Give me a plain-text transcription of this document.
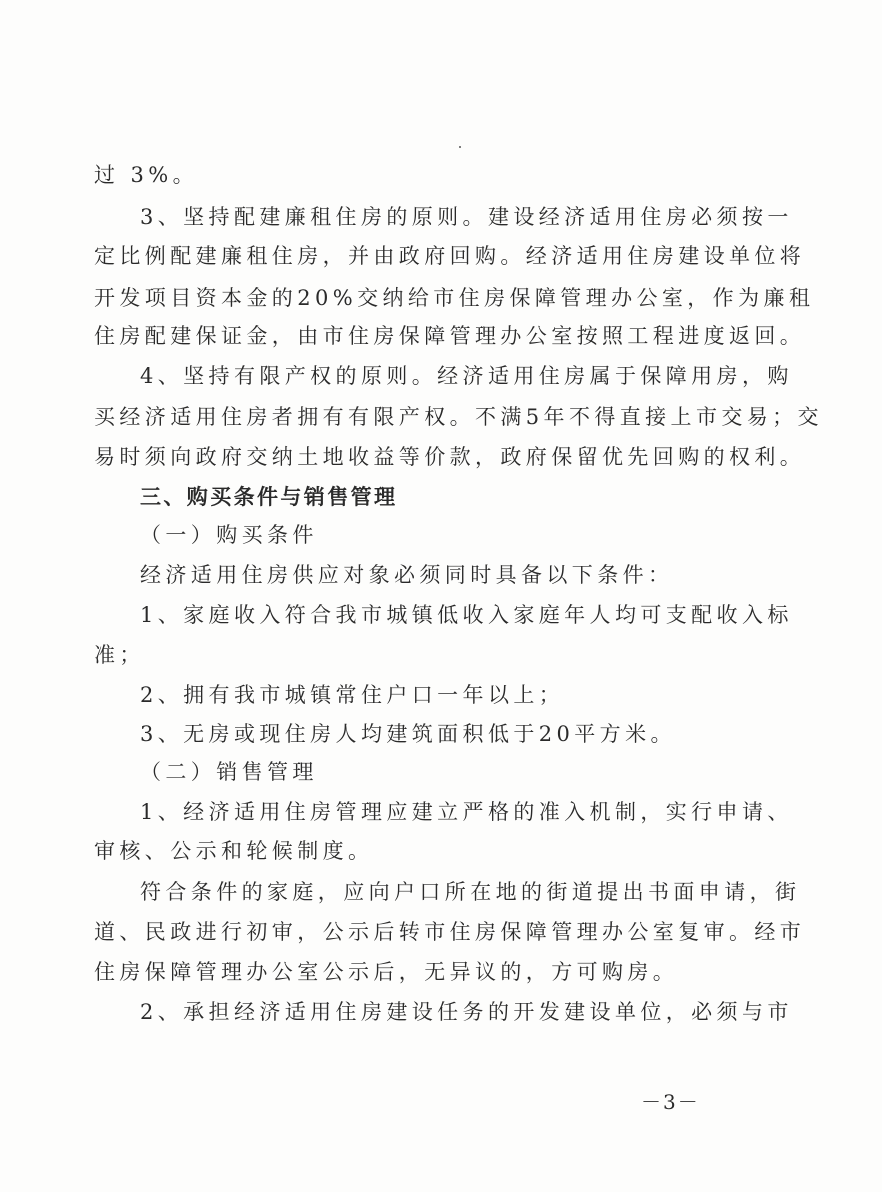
过 3%。
3、坚持配建廉租住房的原则。建设经济适用住房必须按一
定比例配建廉租住房，并由政府回购。经济适用住房建设单位将
开发项目资本金的20%交纳给市住房保障管理办公室，作为廉租
住房配建保证金，由市住房保障管理办公室按照工程进度返回。
4、坚持有限产权的原则。经济适用住房属于保障用房，购
买经济适用住房者拥有有限产权。不满5年不得直接上市交易；交
易时须向政府交纳土地收益等价款，政府保留优先回购的权利。
三、购买条件与销售管理
（一）购买条件
经济适用住房供应对象必须同时具备以下条件：
1、家庭收入符合我市城镇低收入家庭年人均可支配收入标
准；
2、拥有我市城镇常住户口一年以上；
3、无房或现住房人均建筑面积低于20平方米。
（二）销售管理
1、经济适用住房管理应建立严格的准入机制，实行申请、
审核、公示和轮候制度。
符合条件的家庭，应向户口所在地的街道提出书面申请，街
道、民政进行初审，公示后转市住房保障管理办公室复审。经市
住房保障管理办公室公示后，无异议的，方可购房。
2、承担经济适用住房建设任务的开发建设单位，必须与市
－3－
